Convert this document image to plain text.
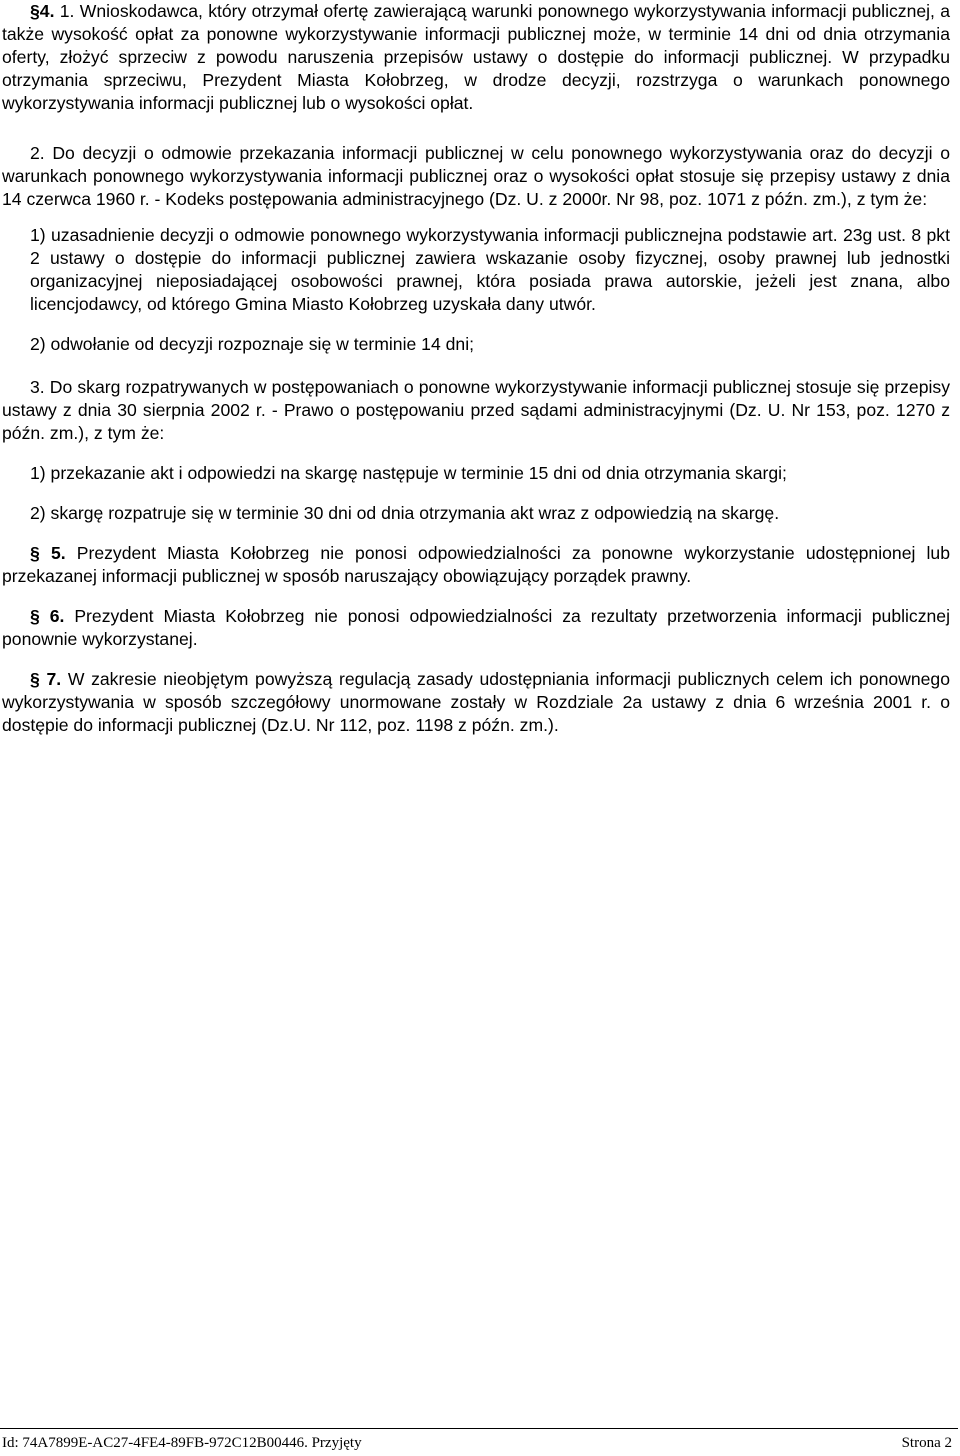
§4. 1. Wnioskodawca, który otrzymał ofertę zawierającą warunki ponownego wykorzystywania informacji publicznej, a także wysokość opłat za ponowne wykorzystywanie informacji publicznej może, w terminie 14 dni od dnia otrzymania oferty, złożyć sprzeciw z powodu naruszenia przepisów ustawy o dostępie do informacji publicznej. W przypadku otrzymania sprzeciwu, Prezydent Miasta Kołobrzeg, w drodze decyzji, rozstrzyga o warunkach ponownego wykorzystywania informacji publicznej lub o wysokości opłat.

2. Do decyzji o odmowie przekazania informacji publicznej w celu ponownego wykorzystywania oraz do decyzji o warunkach ponownego wykorzystywania informacji publicznej oraz o wysokości opłat stosuje się przepisy ustawy z dnia 14 czerwca 1960 r. - Kodeks postępowania administracyjnego (Dz. U. z 2000r. Nr 98, poz. 1071 z późn. zm.), z tym że:

1) uzasadnienie decyzji o odmowie ponownego wykorzystywania informacji publicznejna podstawie art. 23g ust. 8 pkt 2 ustawy o dostępie do informacji publicznej zawiera wskazanie osoby fizycznej, osoby prawnej lub jednostki organizacyjnej nieposiadającej osobowości prawnej, która posiada prawa autorskie, jeżeli jest znana, albo licencjodawcy, od którego Gmina Miasto Kołobrzeg uzyskała dany utwór.

2) odwołanie od decyzji rozpoznaje się w terminie 14 dni;

3. Do skarg rozpatrywanych w postępowaniach o ponowne wykorzystywanie informacji publicznej stosuje się przepisy ustawy z dnia 30 sierpnia 2002 r. - Prawo o postępowaniu przed sądami administracyjnymi (Dz. U. Nr 153, poz. 1270 z późn. zm.), z tym że:

1) przekazanie akt i odpowiedzi na skargę następuje w terminie 15 dni od dnia otrzymania skargi;

2) skargę rozpatruje się w terminie 30 dni od dnia otrzymania akt wraz z odpowiedzią na skargę.

§ 5. Prezydent Miasta Kołobrzeg nie ponosi odpowiedzialności za ponowne wykorzystanie udostępnionej lub przekazanej informacji publicznej w sposób naruszający obowiązujący porządek prawny.

§ 6. Prezydent Miasta Kołobrzeg nie ponosi odpowiedzialności za rezultaty przetworzenia informacji publicznej ponownie wykorzystanej.

§ 7. W zakresie nieobjętym powyższą regulacją zasady udostępniania informacji publicznych celem ich ponownego wykorzystywania w sposób szczegółowy unormowane zostały w Rozdziale 2a ustawy z dnia 6 września 2001 r. o dostępie do informacji publicznej (Dz.U. Nr 112, poz. 1198 z późn. zm.).

Id: 74A7899E-AC27-4FE4-89FB-972C12B00446. Przyjęty	Strona 2
